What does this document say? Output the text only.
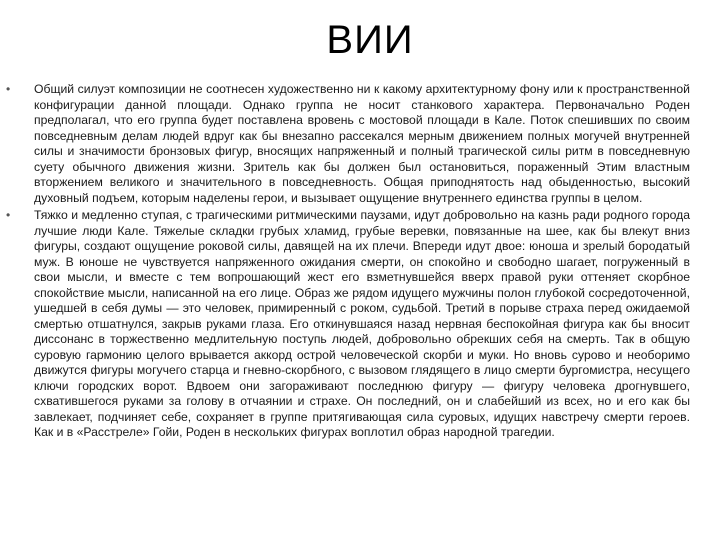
ВИИ
• Общий силуэт композиции не соотнесен художественно ни к какому архитектурному фону или к пространственной конфигурации данной площади. Однако группа не носит станкового характера. Первоначально Роден предполагал, что его группа будет поставлена вровень с мостовой площади в Кале. Поток спешивших по своим повседневным делам людей вдруг как бы внезапно рассекался мерным движением полных могучей внутренней силы и значимости бронзовых фигур, вносящих напряженный и полный трагической силы ритм в повседневную суету обычного движения жизни. Зритель как бы должен был остановиться, пораженный Этим властным вторжением великого и значительного в повседневность. Общая приподнятость над обыденностью, высокий духовный подъем, которым наделены герои, и вызывает ощущение внутреннего единства группы в целом.
• Тяжко и медленно ступая, с трагическими ритмическими паузами, идут добровольно на казнь ради родного города лучшие люди Кале. Тяжелые складки грубых хламид, грубые веревки, повязанные на шее, как бы влекут вниз фигуры, создают ощущение роковой силы, давящей на их плечи. Впереди идут двое: юноша и зрелый бородатый муж. В юноше не чувствуется напряженного ожидания смерти, он спокойно и свободно шагает, погруженный в свои мысли, и вместе с тем вопрошающий жест его взметнувшейся вверх правой руки оттеняет скорбное спокойствие мысли, написанной на его лице. Образ же рядом идущего мужчины полон глубокой сосредоточенной, ушедшей в себя думы — это человек, примиренный с роком, судьбой. Третий в порыве страха перед ожидаемой смертью отшатнулся, закрыв руками глаза. Его откинувшаяся назад нервная беспокойная фигура как бы вносит диссонанс в торжественно медлительную поступь людей, добровольно обрекших себя на смерть. Так в общую суровую гармонию целого врывается аккорд острой человеческой скорби и муки. Но вновь сурово и необоримо движутся фигуры могучего старца и гневно-скорбного, с вызовом глядящего в лицо смерти бургомистра, несущего ключи городских ворот. Вдвоем они загораживают последнюю фигуру — фигуру человека дрогнувшего, схватившегося руками за голову в отчаянии и страхе. Он последний, он и слабейший из всех, но и его как бы завлекает, подчиняет себе, сохраняет в группе притягивающая сила суровых, идущих навстречу смерти героев. Как и в «Расстреле» Гойи, Роден в нескольких фигурах воплотил образ народной трагедии.
